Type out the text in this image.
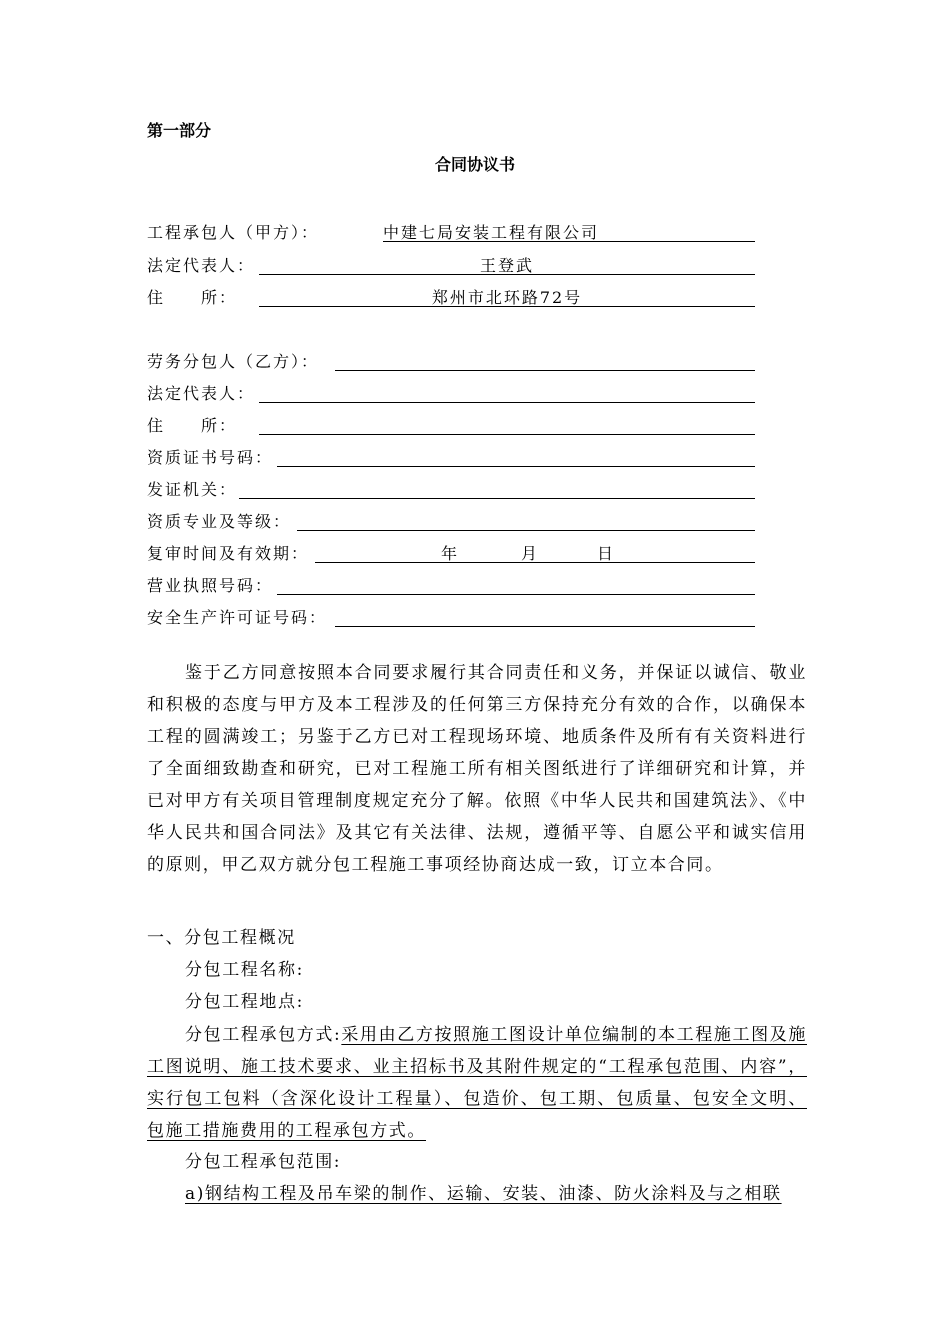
第一部分
合同协议书
工程承包人（甲方）：	中建七局安装工程有限公司
法定代表人：	王登武
住　　所：	郑州市北环路72号
劳务分包人（乙方）：
法定代表人：
住　　所：
资质证书号码：
发证机关：
资质专业及等级：
复审时间及有效期：	年	月	日
营业执照号码：
安全生产许可证号码：
鉴于乙方同意按照本合同要求履行其合同责任和义务，并保证以诚信、敬业和积极的态度与甲方及本工程涉及的任何第三方保持充分有效的合作，以确保本工程的圆满竣工；另鉴于乙方已对工程现场环境、地质条件及所有有关资料进行了全面细致勘查和研究，已对工程施工所有相关图纸进行了详细研究和计算，并已对甲方有关项目管理制度规定充分了解。依照《中华人民共和国建筑法》、《中华人民共和国合同法》及其它有关法律、法规，遵循平等、自愿公平和诚实信用的原则，甲乙双方就分包工程施工事项经协商达成一致，订立本合同。
一、分包工程概况
分包工程名称:
分包工程地点:
分包工程承包方式:采用由乙方按照施工图设计单位编制的本工程施工图及施工图说明、施工技术要求、业主招标书及其附件规定的“工程承包范围、内容”，实行包工包料（含深化设计工程量）、包造价、包工期、包质量、包安全文明、包施工措施费用的工程承包方式。
分包工程承包范围:
a)钢结构工程及吊车梁的制作、运输、安装、油漆、防火涂料及与之相联
